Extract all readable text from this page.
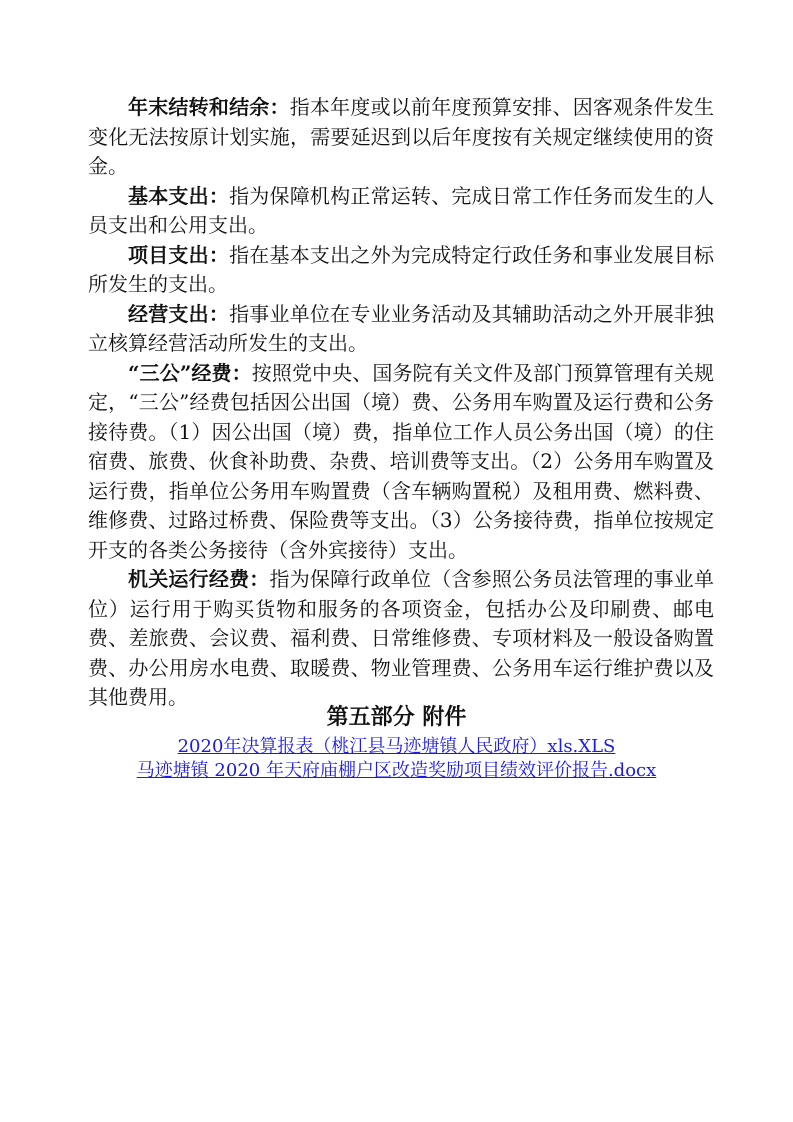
年末结转和结余：指本年度或以前年度预算安排、因客观条件发生变化无法按原计划实施，需要延迟到以后年度按有关规定继续使用的资金。

基本支出：指为保障机构正常运转、完成日常工作任务而发生的人员支出和公用支出。

项目支出：指在基本支出之外为完成特定行政任务和事业发展目标所发生的支出。

经营支出：指事业单位在专业业务活动及其辅助活动之外开展非独立核算经营活动所发生的支出。

“三公”经费：按照党中央、国务院有关文件及部门预算管理有关规定，“三公”经费包括因公出国（境）费、公务用车购置及运行费和公务接待费。（1）因公出国（境）费，指单位工作人员公务出国（境）的住宿费、旅费、伙食补助费、杂费、培训费等支出。（2）公务用车购置及运行费，指单位公务用车购置费（含车辆购置税）及租用费、燃料费、维修费、过路过桥费、保险费等支出。（3）公务接待费，指单位按规定开支的各类公务接待（含外宾接待）支出。

机关运行经费：指为保障行政单位（含参照公务员法管理的事业单位）运行用于购买货物和服务的各项资金，包括办公及印刷费、邮电费、差旅费、会议费、福利费、日常维修费、专项材料及一般设备购置费、办公用房水电费、取暖费、物业管理费、公务用车运行维护费以及其他费用。

第五部分 附件
2020年决算报表（桃江县马迹塘镇人民政府）xls.XLS
马迹塘镇 2020 年天府庙棚户区改造奖励项目绩效评价报告.docx
